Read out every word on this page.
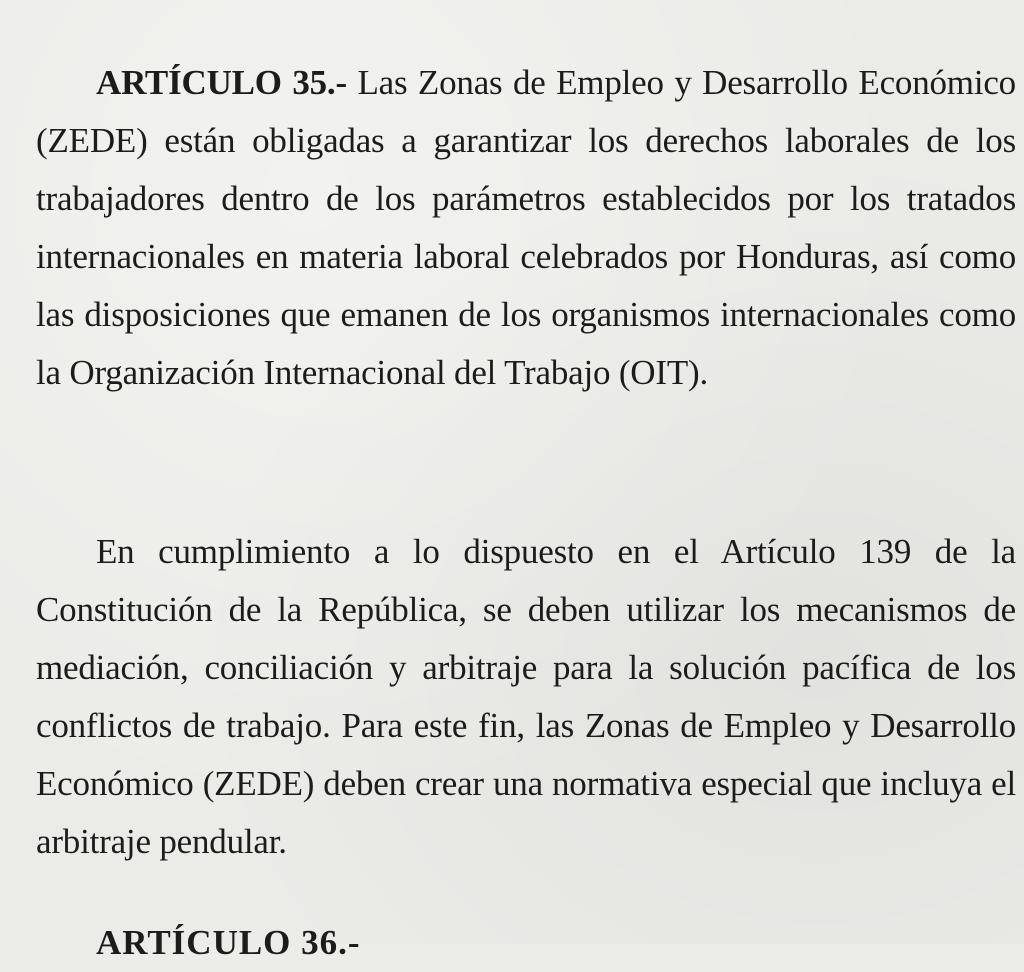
ARTÍCULO 35.- Las Zonas de Empleo y Desarrollo Económico (ZEDE) están obligadas a garantizar los derechos laborales de los trabajadores dentro de los parámetros establecidos por los tratados internacionales en materia laboral celebrados por Honduras, así como las disposiciones que emanen de los organismos internacionales como la Organización Internacional del Trabajo (OIT).

En cumplimiento a lo dispuesto en el Artículo 139 de la Constitución de la República, se deben utilizar los mecanismos de mediación, conciliación y arbitraje para la solución pacífica de los conflictos de trabajo. Para este fin, las Zonas de Empleo y Desarrollo Económico (ZEDE) deben crear una normativa especial que incluya el arbitraje pendular.

ARTÍCULO 36.-
